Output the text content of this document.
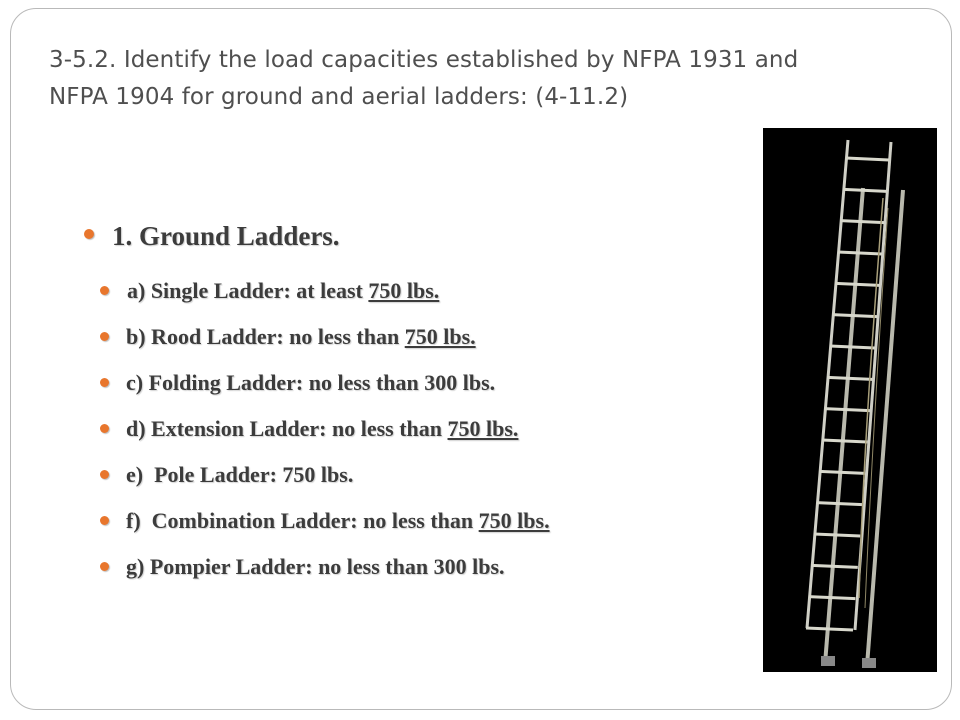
3-5.2. Identify the load capacities established by NFPA 1931 and NFPA 1904 for ground and aerial ladders: (4-11.2)
1. Ground Ladders.
a) Single Ladder: at least 750 lbs.
b) Rood Ladder: no less than 750 lbs.
c) Folding Ladder: no less than 300 lbs.
d) Extension Ladder: no less than 750 lbs.
e)  Pole Ladder: 750 lbs.
f)  Combination Ladder: no less than 750 lbs.
g) Pompier Ladder: no less than 300 lbs.
